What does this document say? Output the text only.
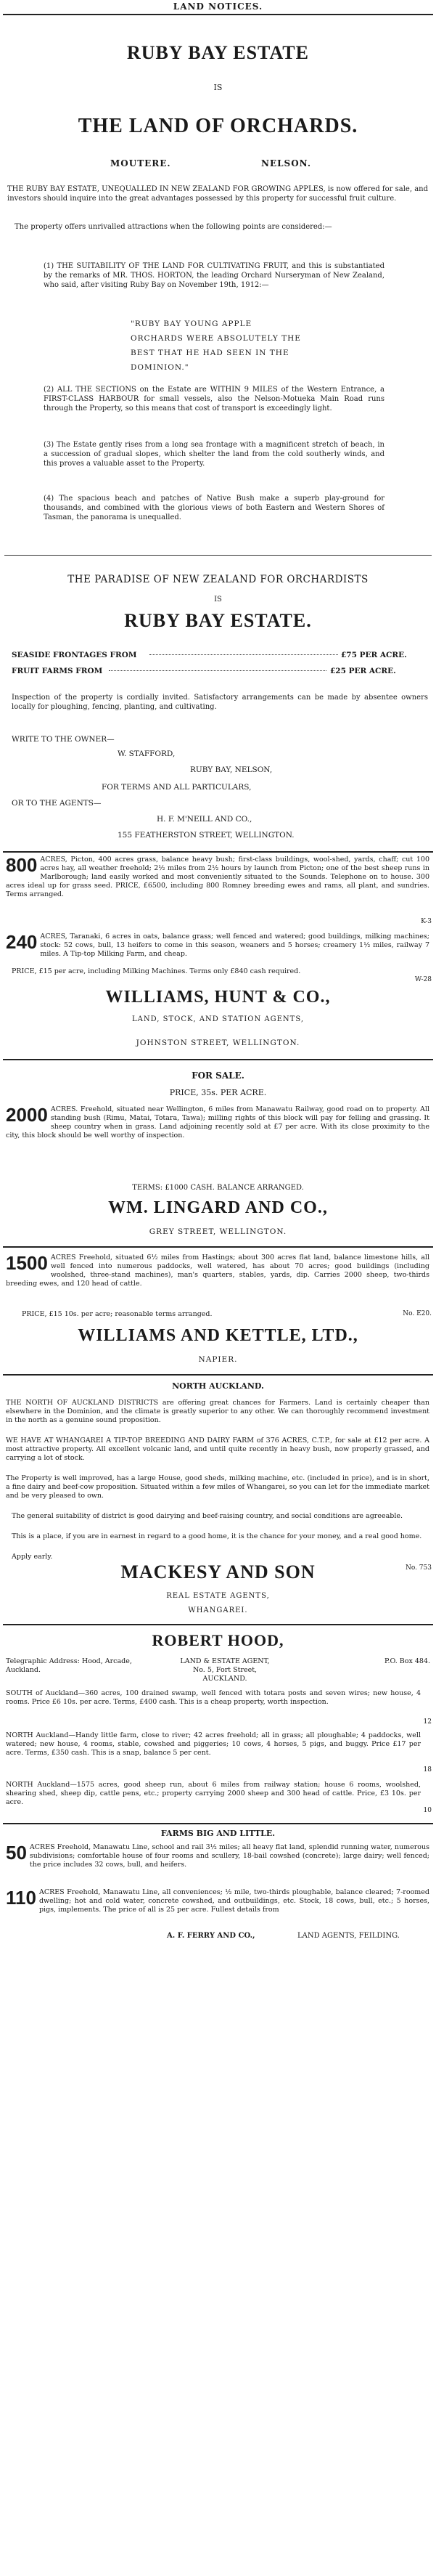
LAND NOTICES.
RUBY BAY ESTATE
IS
THE LAND OF ORCHARDS.
MOUTERE.	NELSON.
THE RUBY BAY ESTATE, UNEQUALLED IN NEW ZEALAND FOR GROWING APPLES, is now offered for sale, and investors should inquire into the great advantages possessed by this property for successful fruit culture.
The property offers unrivalled attractions when the following points are considered:—
(1) THE SUITABILITY OF THE LAND FOR CULTIVATING FRUIT, and this is substantiated by the remarks of MR. THOS. HORTON, the leading Orchard Nurseryman of New Zealand, who said, after visiting Ruby Bay on November 19th, 1912:—
"RUBY BAY YOUNG APPLE
ORCHARDS WERE ABSOLUTELY THE
BEST THAT HE HAD SEEN IN THE
DOMINION."
(2) ALL THE SECTIONS on the Estate are WITHIN 9 MILES of the Western Entrance, a FIRST-CLASS HARBOUR for small vessels, also the Nelson-Motueka Main Road runs through the Property, so this means that cost of transport is exceedingly light.
(3) The Estate gently rises from a long sea frontage with a magnificent stretch of beach, in a succession of gradual slopes, which shelter the land from the cold southerly winds, and this proves a valuable asset to the Property.
(4) The spacious beach and patches of Native Bush make a superb play-ground for thousands, and combined with the glorious views of both Eastern and Western Shores of Tasman, the panorama is unequalled.
THE PARADISE OF NEW ZEALAND FOR ORCHARDISTS
IS
RUBY BAY ESTATE.
SEASIDE FRONTAGES FROM	£75 PER ACRE.
FRUIT FARMS FROM	£25 PER ACRE.
Inspection of the property is cordially invited. Satisfactory arrangements can be made by absentee owners locally for ploughing, fencing, planting, and cultivating.
WRITE TO THE OWNER—
W. STAFFORD,
RUBY BAY, NELSON,
FOR TERMS AND ALL PARTICULARS,
OR TO THE AGENTS—
H. F. M'NEILL AND CO.,
155 FEATHERSTON STREET, WELLINGTON.
800 ACRES, Picton, 400 acres grass, balance heavy bush; first-class buildings, wool-shed, yards, chaff; cut 100 acres hay, all weather freehold; 2½ miles from 2½ hours by launch from Picton; one of the best sheep runs in Marlborough; land easily worked and most conveniently situated to the Sounds. Telephone on to house. 300 acres ideal up for grass seed. PRICE, £6500, including 800 Romney breeding ewes and rams, all plant, and sundries. Terms arranged.
K-3
240 ACRES, Taranaki, 6 acres in oats, balance grass; well fenced and watered; good buildings, milking machines; stock: 52 cows, bull, 13 heifers to come in this season, weaners and 5 horses; creamery 1½ miles, railway 7 miles. A Tip-top Milking Farm, and cheap.
PRICE, £15 per acre, including Milking Machines. Terms only £840 cash required.
W-28
WILLIAMS, HUNT & CO.,
LAND, STOCK, AND STATION AGENTS,
JOHNSTON STREET, WELLINGTON.
FOR SALE.
PRICE, 35s. PER ACRE.
2000 ACRES. Freehold, situated near Wellington, 6 miles from Manawatu Railway, good road on to property. All standing bush (Rimu, Matai, Totara, Tawa); milling rights of this block will pay for felling and grassing. It sheep country when in grass. Land adjoining recently sold at £7 per acre. With its close proximity to the city, this block should be well worthy of inspection.
TERMS: £1000 CASH. BALANCE ARRANGED.
WM. LINGARD AND CO.,
GREY STREET, WELLINGTON.
1500 ACRES Freehold, situated 6½ miles from Hastings; about 300 acres flat land, balance limestone hills, all well fenced into numerous paddocks, well watered, has about 70 acres; good buildings (including woolshed, three-stand machines), man's quarters, stables, yards, dip. Carries 2000 sheep, two-thirds breeding ewes, and 120 head of cattle.
PRICE, £15 10s. per acre; reasonable terms arranged.	No. E20.
WILLIAMS AND KETTLE, LTD.,
NAPIER.
NORTH AUCKLAND.
THE NORTH OF AUCKLAND DISTRICTS are offering great chances for Farmers. Land is certainly cheaper than elsewhere in the Dominion, and the climate is greatly superior to any other. We can thoroughly recommend investment in the north as a genuine sound proposition.
WE HAVE AT WHANGAREI A TIP-TOP BREEDING AND DAIRY FARM of 376 ACRES, C.T.P., for sale at £12 per acre. A most attractive property. All excellent volcanic land, and until quite recently in heavy bush, now properly grassed, and carrying a lot of stock.
The Property is well improved, has a large House, good sheds, milking machine, etc. (included in price), and is in short, a fine dairy and beef-cow proposition. Situated within a few miles of Whangarei, so you can let for the immediate market and be very pleased to own.
The general suitability of district is good dairying and beef-raising country, and social conditions are agreeable.
This is a place, if you are in earnest in regard to a good home, it is the chance for your money, and a real good home.
Apply early.
No. 753
MACKESY AND SON
REAL ESTATE AGENTS,
WHANGAREI.
ROBERT HOOD,
Telegraphic Address: Hood, Arcade, Auckland.
LAND & ESTATE AGENT,
No. 5, Fort Street,
AUCKLAND.
P.O. Box 484.
SOUTH of Auckland—360 acres, 100 drained swamp, well fenced with totara posts and seven wires; new house, 4 rooms. Price £6 10s. per acre. Terms, £400 cash. This is a cheap property, worth inspection.
12
NORTH Auckland—Handy little farm, close to river; 42 acres freehold; all in grass; all ploughable; 4 paddocks, well watered; new house, 4 rooms, stable, cowshed and piggeries; 10 cows, 4 horses, 5 pigs, and buggy. Price £17 per acre. Terms, £350 cash. This is a snap, balance 5 per cent.
18
NORTH Auckland—1575 acres, good sheep run, about 6 miles from railway station; house 6 rooms, woolshed, shearing shed, sheep dip, cattle pens, etc.; property carrying 2000 sheep and 300 head of cattle. Price, £3 10s. per acre.
10
FARMS BIG AND LITTLE.
50 ACRES Freehold, Manawatu Line, school and rail 3½ miles; all heavy flat land, splendid running water, numerous subdivisions; comfortable house of four rooms and scullery, 18-bail cowshed (concrete); large dairy; well fenced; the price includes 32 cows, bull, and heifers.
110 ACRES Freehold, Manawatu Line, all conveniences; ½ mile, two-thirds ploughable, balance cleared; 7-roomed dwelling; hot and cold water, concrete cowshed, and outbuildings, etc. Stock, 18 cows, bull, etc.; 5 horses, pigs, implements. The price of all is 25 per acre. Fullest details from
A. F. FERRY AND CO.,	LAND AGENTS, FEILDING.
